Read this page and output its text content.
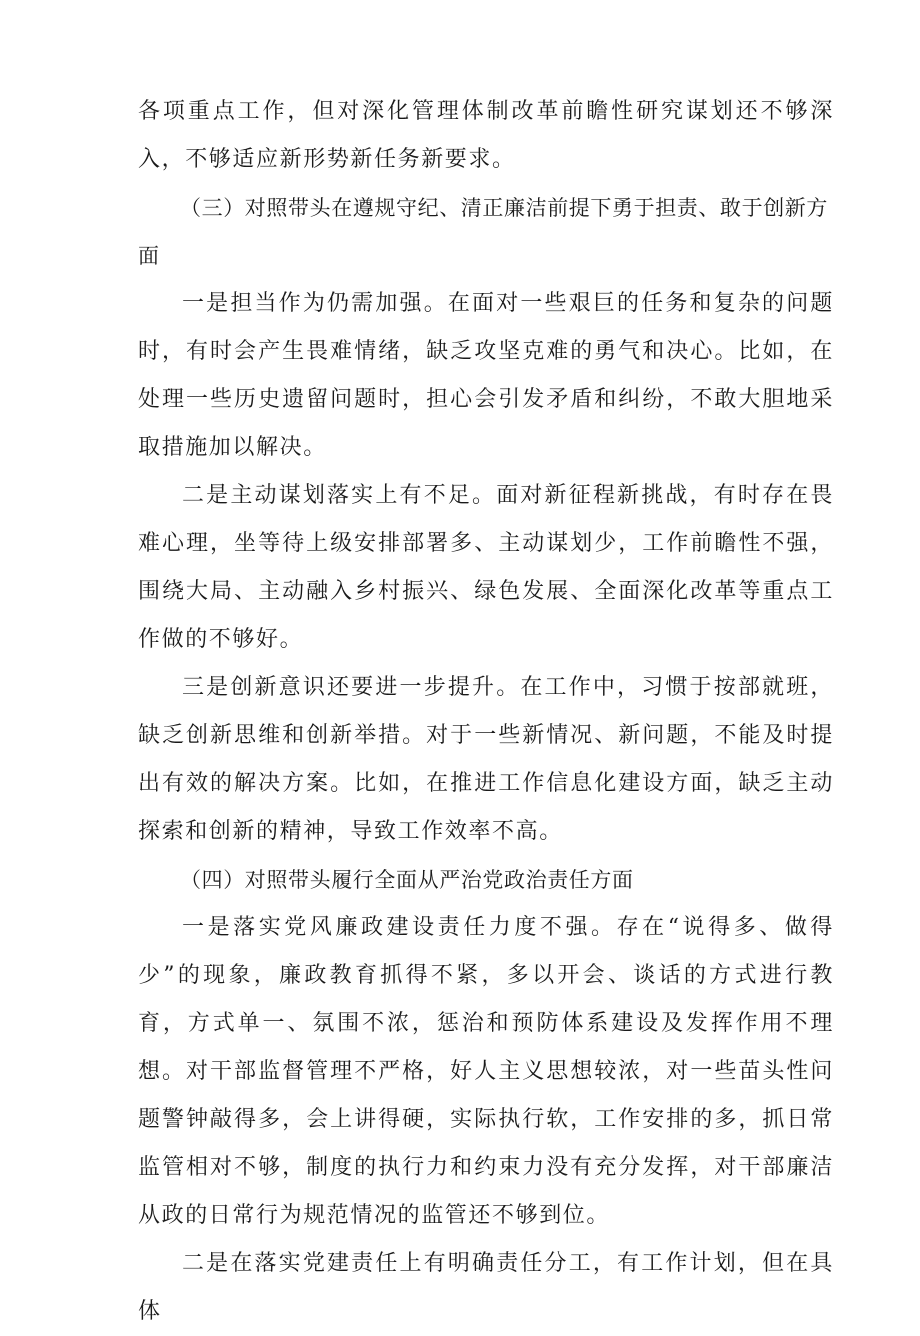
各项重点工作，但对深化管理体制改革前瞻性研究谋划还不够深入，不够适应新形势新任务新要求。

（三）对照带头在遵规守纪、清正廉洁前提下勇于担责、敢于创新方面

一是担当作为仍需加强。在面对一些艰巨的任务和复杂的问题时，有时会产生畏难情绪，缺乏攻坚克难的勇气和决心。比如，在处理一些历史遗留问题时，担心会引发矛盾和纠纷，不敢大胆地采取措施加以解决。

二是主动谋划落实上有不足。面对新征程新挑战，有时存在畏难心理，坐等待上级安排部署多、主动谋划少，工作前瞻性不强，围绕大局、主动融入乡村振兴、绿色发展、全面深化改革等重点工作做的不够好。

三是创新意识还要进一步提升。在工作中，习惯于按部就班，缺乏创新思维和创新举措。对于一些新情况、新问题，不能及时提出有效的解决方案。比如，在推进工作信息化建设方面，缺乏主动探索和创新的精神，导致工作效率不高。

（四）对照带头履行全面从严治党政治责任方面

一是落实党风廉政建设责任力度不强。存在“说得多、做得少”的现象，廉政教育抓得不紧，多以开会、谈话的方式进行教育，方式单一、氛围不浓，惩治和预防体系建设及发挥作用不理想。对干部监督管理不严格，好人主义思想较浓，对一些苗头性问题警钟敲得多，会上讲得硬，实际执行软，工作安排的多，抓日常监管相对不够，制度的执行力和约束力没有充分发挥，对干部廉洁从政的日常行为规范情况的监管还不够到位。

二是在落实党建责任上有明确责任分工，有工作计划，但在具体
